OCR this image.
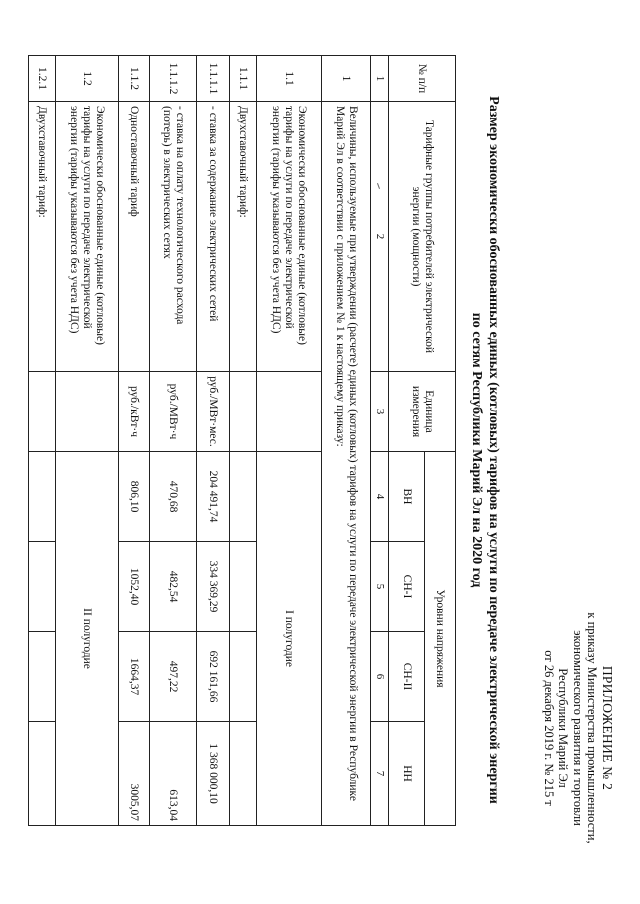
ПРИЛОЖЕНИЕ № 2
к приказу Министерства промышленности,
экономического развития и торговли
Республики Марий Эл
от 26 декабря 2019 г. № 215 т
Размер экономически обоснованных единых (котловых) тарифов на услуги по передаче электрической энергии
по сетям Республики Марий Эл на 2020 год
№ п/п	Тарифные группы потребителей электрической энергии (мощности)	Единица измерения	Уровни напряжения			
			ВН	СН-I	СН-II	НН
1	2	3	4	5	6	7
1	Величины, используемые при утверждении (расчете) единых (котловых) тарифов на услуги по передаче электрической энергии в Республике Марий Эл в соответствии с приложением № 1 к настоящему приказу:					
1.1	Экономически обоснованные единые (котловые) тарифы на услуги по передаче электрической энергии (тарифы указываются без учета НДС)		I полугодие			
1.1.1	Двухставочный тариф:					
1.1.1.1	- ставка за содержание электрических сетей	руб./МВт·мес.	204 491,74	334 369,29	692 161,66	1 368 000,10
1.1.1.2	- ставка на оплату технологического расхода (потерь) в электрических сетях	руб./МВт·ч	470,68	482,54	497,22	613,04
1.1.2	Одноставочный тариф	руб./кВт·ч	806,10	1052,40	1664,37	3005,07
1.2	Экономически обоснованные единые (котловые) тарифы на услуги по передаче электрической энергии (тарифы указываются без учета НДС)		II полугодие			
1.2.1	Двухставочный тариф:					
